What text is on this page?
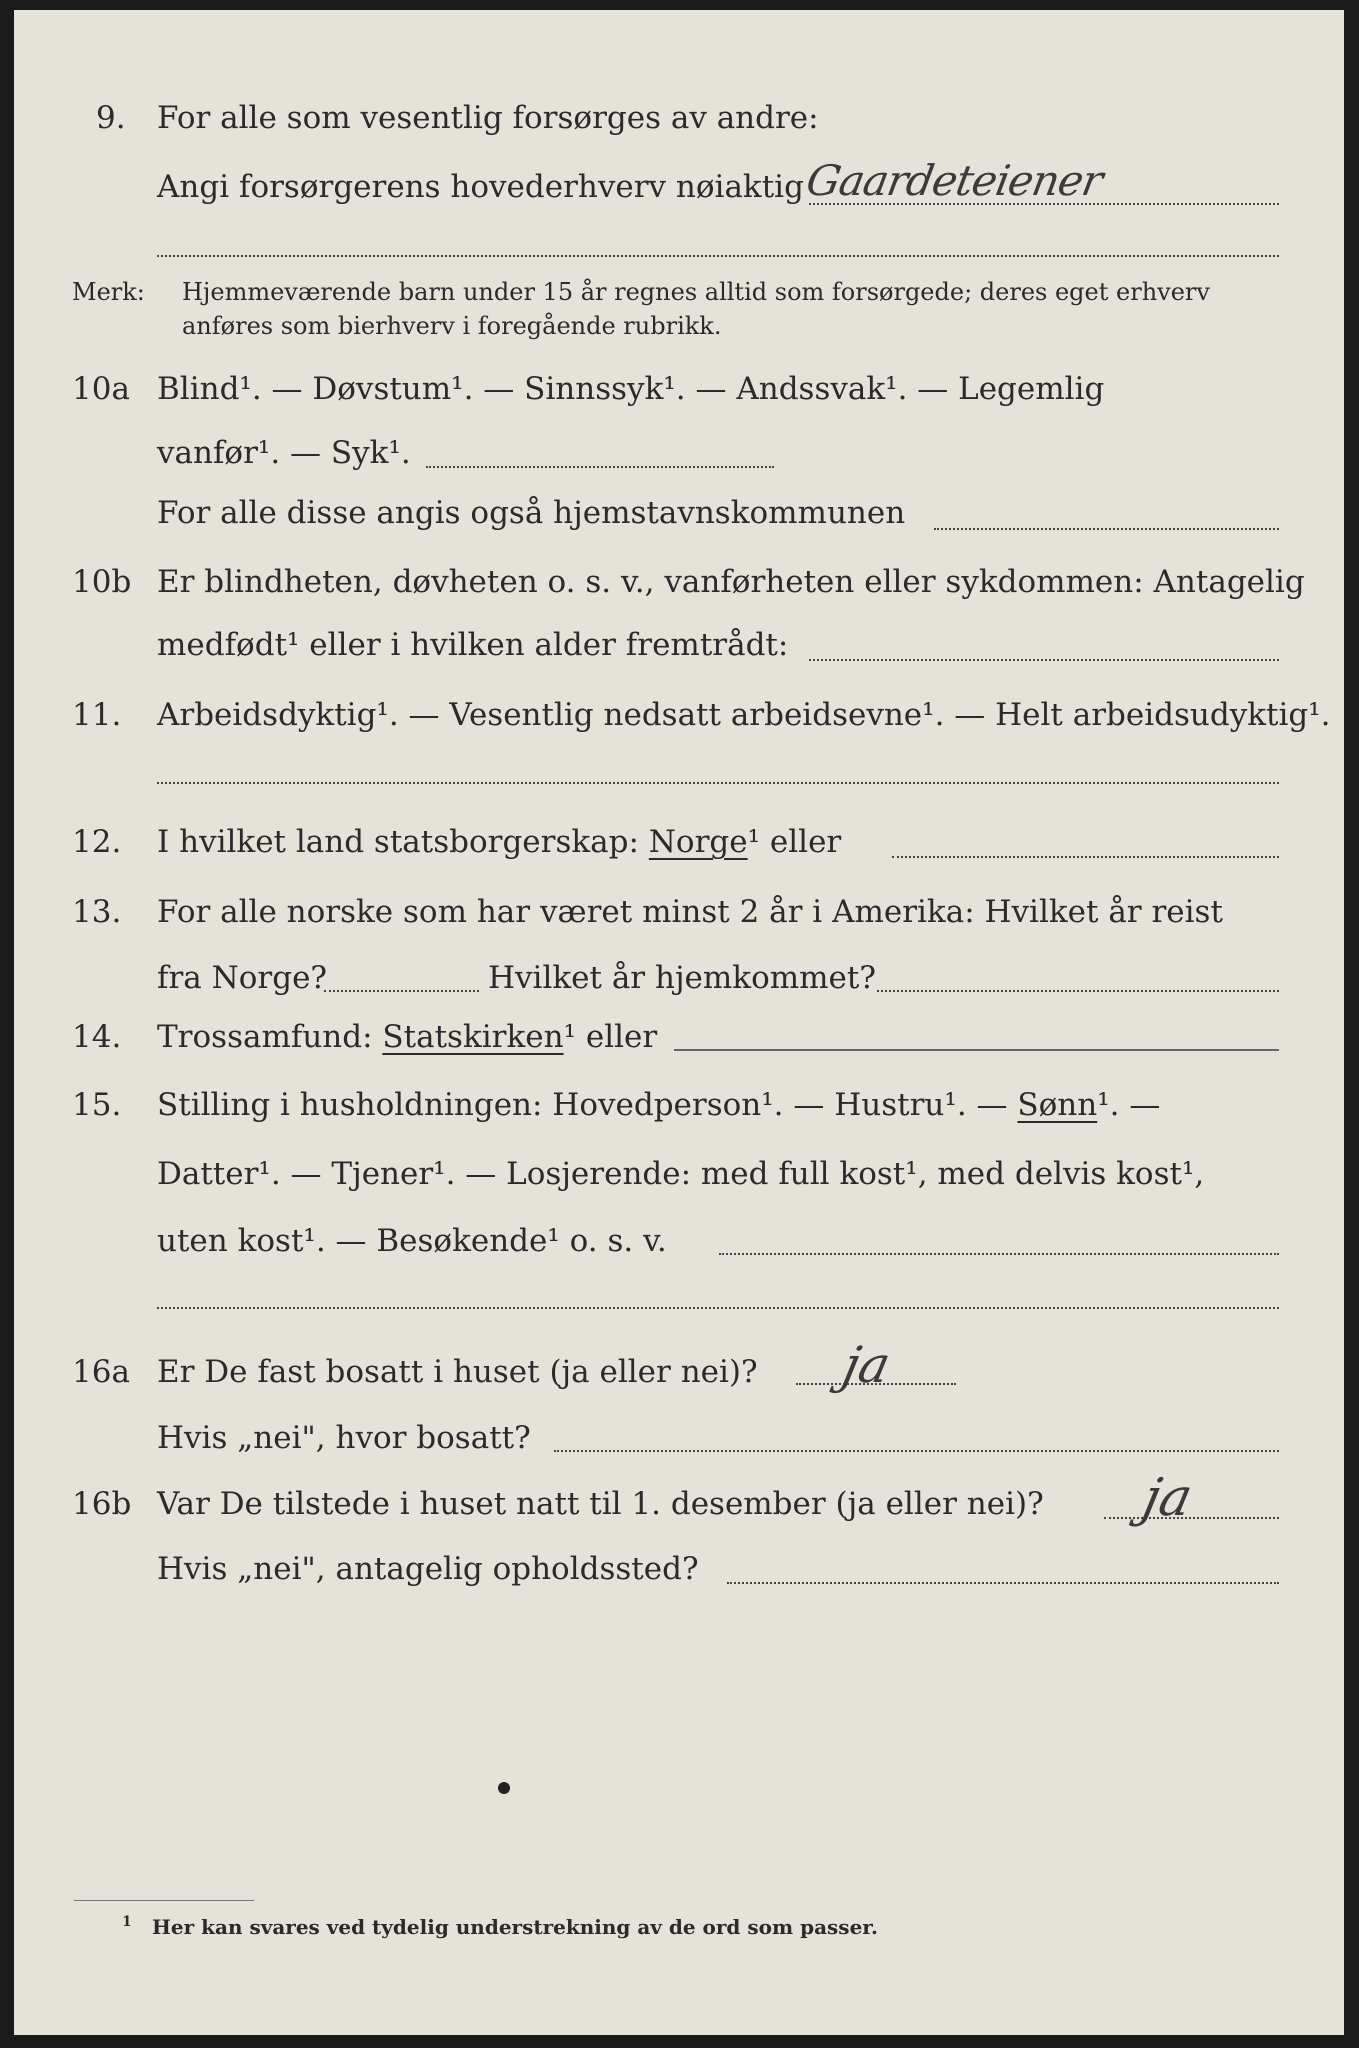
9. For alle som vesentlig forsørges av andre:
Angi forsørgerens hovederhverv nøiaktig
Gaardeteiener
Merk: Hjemmeværende barn under 15 år regnes alltid som forsørgede; deres eget erhverv
anføres som bierhverv i foregående rubrikk.
10a Blind¹. — Døvstum¹. — Sinnssyk¹. — Andssvak¹. — Legemlig
vanfør¹. — Syk¹.
For alle disse angis også hjemstavnskommunen
10b Er blindheten, døvheten o. s. v., vanførheten eller sykdommen: Antagelig
medfødt¹ eller i hvilken alder fremtrådt:
11. Arbeidsdyktig¹. — Vesentlig nedsatt arbeidsevne¹. — Helt arbeidsudyktig¹.
12. I hvilket land statsborgerskap: Norge¹ eller
13. For alle norske som har været minst 2 år i Amerika: Hvilket år reist
fra Norge?	Hvilket år hjemkommet?
14. Trossamfund: Statskirken¹ eller
15. Stilling i husholdningen: Hovedperson¹. — Hustru¹. — Sønn¹. —
Datter¹. — Tjener¹. — Losjerende: med full kost¹, med delvis kost¹,
uten kost¹. — Besøkende¹ o. s. v.
16a Er De fast bosatt i huset (ja eller nei)? ja
Hvis „nei", hvor bosatt?
16b Var De tilstede i huset natt til 1. desember (ja eller nei)? ja
Hvis „nei", antagelig opholdssted?
1 Her kan svares ved tydelig understrekning av de ord som passer.
